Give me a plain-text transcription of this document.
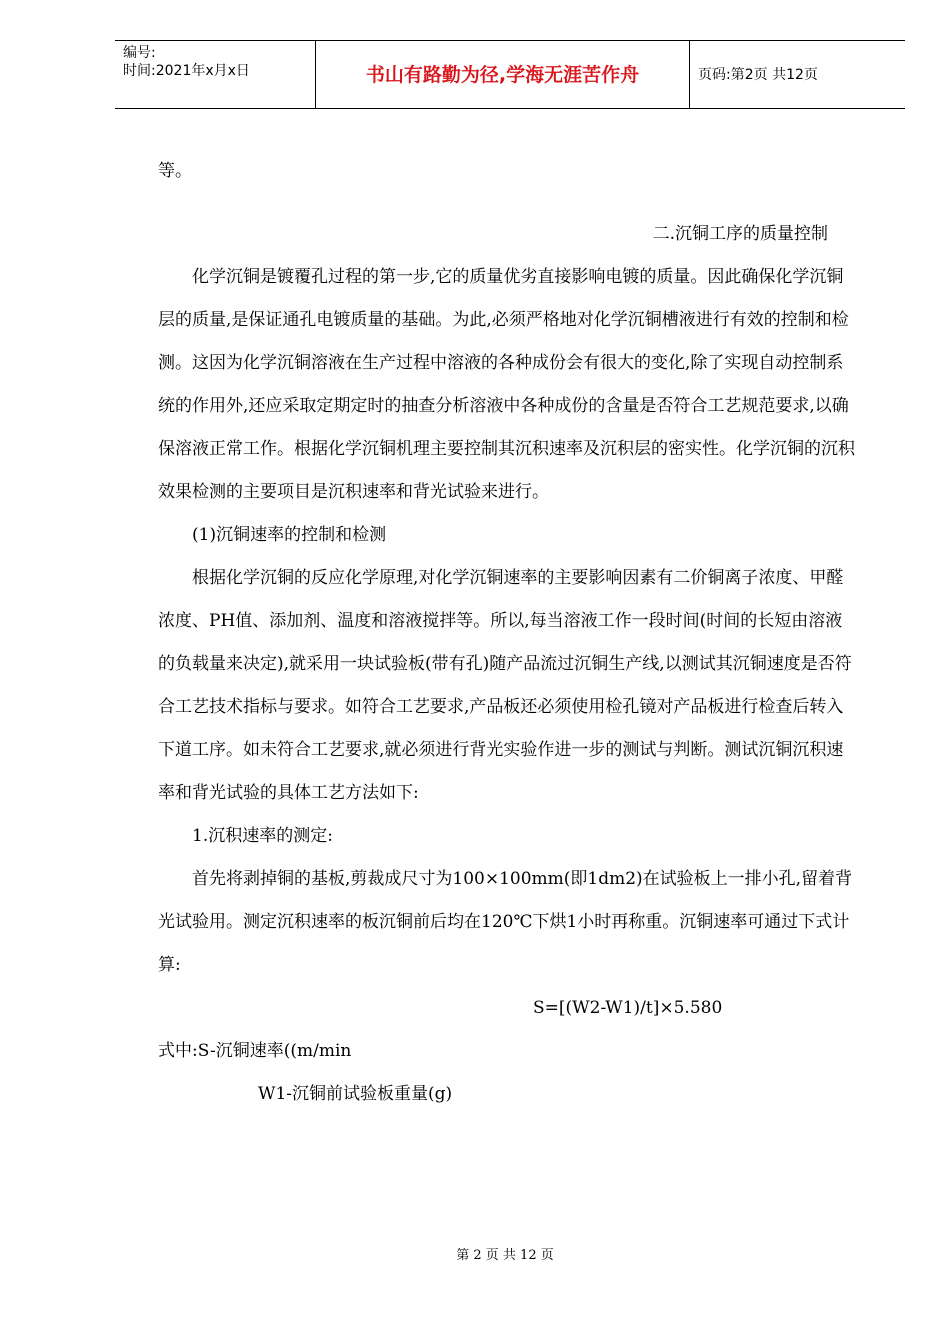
编号:
时间:2021年x月x日	书山有路勤为径,学海无涯苦作舟	页码:第2页 共12页

等。

二.沉铜工序的质量控制

化学沉铜是镀覆孔过程的第一步,它的质量优劣直接影响电镀的质量。因此确保化学沉铜层的质量,是保证通孔电镀质量的基础。为此,必须严格地对化学沉铜槽液进行有效的控制和检测。这因为化学沉铜溶液在生产过程中溶液的各种成份会有很大的变化,除了实现自动控制系统的作用外,还应采取定期定时的抽查分析溶液中各种成份的含量是否符合工艺规范要求,以确保溶液正常工作。根据化学沉铜机理主要控制其沉积速率及沉积层的密实性。化学沉铜的沉积效果检测的主要项目是沉积速率和背光试验来进行。

(1)沉铜速率的控制和检测

根据化学沉铜的反应化学原理,对化学沉铜速率的主要影响因素有二价铜离子浓度、甲醛浓度、PH值、添加剂、温度和溶液搅拌等。所以,每当溶液工作一段时间(时间的长短由溶液的负载量来决定),就采用一块试验板(带有孔)随产品流过沉铜生产线,以测试其沉铜速度是否符合工艺技术指标与要求。如符合工艺要求,产品板还必须使用检孔镜对产品板进行检查后转入下道工序。如未符合工艺要求,就必须进行背光实验作进一步的测试与判断。测试沉铜沉积速率和背光试验的具体工艺方法如下:

1.沉积速率的测定:

首先将剥掉铜的基板,剪裁成尺寸为100×100mm(即1dm2)在试验板上一排小孔,留着背光试验用。测定沉积速率的板沉铜前后均在120℃下烘1小时再称重。沉铜速率可通过下式计算:

S=[(W2-W1)/t]×5.580

式中:S-沉铜速率((m/min

W1-沉铜前试验板重量(g)

第 2 页 共 12 页
